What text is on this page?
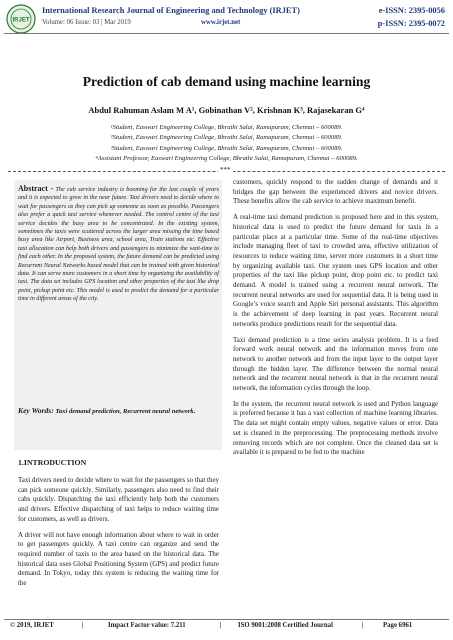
IRJET
International Research Journal of Engineering and Technology (IRJET)	e-ISSN: 2395-0056
Volume: 06 Issue: 03 | Mar 2019	www.irjet.net	p-ISSN: 2395-0072
Prediction of cab demand using machine learning
Abdul Rahuman Aslam M A¹, Gobinathan V², Krishnan K³, Rajasekaran G⁴
¹Student, Easwari Engineering College, Bhrathi Salai, Ramapuram, Chennai – 600089.
²Student, Easwari Engineering College, Bhrathi Salai, Ramapuram, Chennai – 600089.
³Student, Easwari Engineering College, Bhrathi Salai, Ramapuram, Chennai – 600089.
⁴Assistant Professor, Easwari Engineering College, Bhrathi Salai, Ramapuram, Chennai – 600089.
***
Abstract - The cab service industry is booming for the last couple of years and it is expected to grow in the near future. Taxi drivers need to decide where to wait for passengers as they can pick up someone as soon as possible. Passengers also prefer a quick taxi service whenever needed. The control centre of the taxi service decides the busy area to be concentrated. In the existing system, sometimes the taxis were scattered across the larger area missing the time based busy area like Airport, Business area, school area, Train stations etc. Effective taxi allocation can help both drivers and passengers to minimize the wait-time to find each other. In the proposed system, the future demand can be predicted using Recurrent Neural Networks based model that can be trained with given historical data. It can serve more customers in a short time by organizing the availability of taxi. The data set includes GPS location and other properties of the taxi like drop point, pickup point etc. This model is used to predict the demand for a particular time in different areas of the city.
Key Words: Taxi demand prediction, Recurrent neural network.
1.INTRODUCTION

Taxi drivers need to decide where to wait for the passengers so that they can pick someone quickly. Similarly, passengers also need to find their cabs quickly. Dispatching the taxi efficiently help both the customers and drivers. Effective dispatching of taxi helps to reduce waiting time for customers, as well as drivers.

A driver will not have enough information about where to wait in order to get passengers quickly. A taxi centre can organize and send the required number of taxis to the area based on the historical data. The historical data uses Global Positioning System (GPS) and predict future demand. In Tokyo, today this system is reducing the waiting time for the

customers, quickly respond to the sudden change of demands and it bridges the gap between the experienced drivers and novice drivers. These benefits allow the cab service to achieve maximum benefit.

A real-time taxi demand prediction is proposed here and in this system, historical data is used to predict the future demand for taxis in a particular place at a particular time. Some of the real-time objectives include managing fleet of taxi to crowded area, effective utilization of resources to reduce waiting time, server more customers in a short time by organizing available taxi. Our system uses GPS location and other properties of the taxi like pickup point, drop point etc. to predict taxi demand. A model is trained using a recurrent neural network. The recurrent neural networks are used for sequential data. It is being used in Google’s voice search and Apple Siri personal assistants. This algorithm is the achievement of deep learning in past years. Recurrent neural networks produce predictions result for the sequential data.

Taxi demand prediction is a time series analysis problem. It is a feed forward work neural network and the information moves from one network to another network and from the input layer to the output layer through the hidden layer. The difference between the normal neural network and the recurrent neural network is that in the recurrent neural network, the information cycles through the loop.

In the system, the recurrent neural network is used and Python language is preferred because it has a vast collection of machine learning libraries. The data set might contain empty values, negative values or error. Data set is cleaned in the preprocessing. The preprocessing methods involve removing records which are not complete. Once the cleaned data set is available it is prepared to be fed to the machine

© 2019, IRJET	|	Impact Factor value: 7.211	| ISO 9001:2008 Certified Journal	|	Page 6961
